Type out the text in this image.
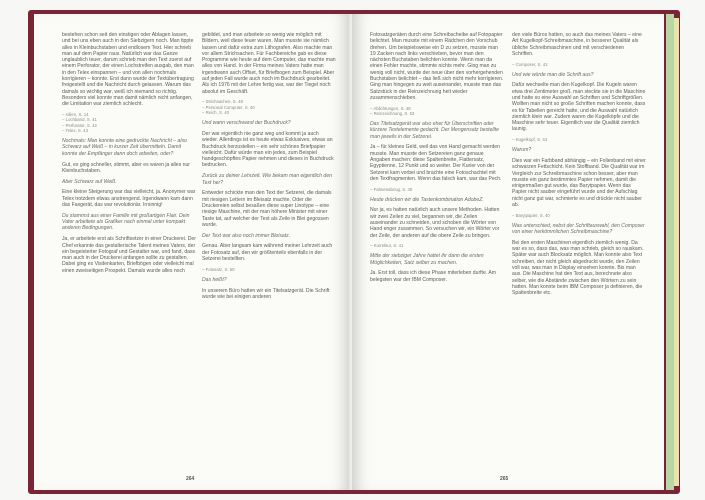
bestehen schon seit den einstigen oder Ablagen lassen, und bei uns eben auch in den Siebzigern noch. Man tippte alles in Kleinbuchstaben und endlosem Text. Hier schrieb man auf dem Papier raus. Natürlich war das Ganze unglaublich teuer, darum schrieb man den Text zuerst auf einem Perforator, der einen Lochstreifen ausgab, den man in den Telex einspannen – und von allen nochmals korrigieren – konnte. Erst dann wurde der Textübertragung freigestellt und die Nachricht durch gelassen. Warum das damals so wichtig war, weiß ich niemand so richtig. Besonders viel konnte man damit nämlich nicht anfangen, die Limitation war ziemlich schlecht.

– rollen, S. 14
– Lochband, S. 41
– Perforator, S. 42
– Telex, S. 43

Nochmals: Man konnte eine gedruckte Nachricht – also Schwarz auf Weiß – in kurzer Zeit übermitteln. Damit konnte der Empfänger dann doch arbeiten, oder?

Gut, es ging schneller, stimmt, aber es waren ja alles nur Kleinbuchstaben.

Aber Schwarz auf Weiß.

Eine kleine Steigerung war das vielleicht, ja. Anonymer war Telex trotzdem etwas anstrengend. Irgendwann kam dann das Faxgerät, das war revolutionär. Irrsinnig!

Du stammst aus einer Familie mit großartigen Flair. Dein Vater arbeitete als Grafiker nach einmal unter kompakt anderen Bedingungen.

Ja, er arbeitete erst als Schriftsetzer in einer Druckerei. Der Chef erkannte das gestalterische Talent meines Vaters, der ein begeisterter Fotograf und Gestalter war, und fand, dass man auch in der Druckerei anfangen sollte zu gestalten. Dabei ging es Visitenkarten, Briefbögen oder vielleicht mal einen zweiseitigen Prospekt. Damals wurde alles noch

gebildet, und man arbeitete so wenig wie möglich mit Bildern, weil diese teuer waren. Man musste sie nämlich lassen und dafür extra zum Lithografen. Also machte man vor allem Strichsachen. Für Fachbereiche gab es diese Programme wie heute auf dem Computer, das machte man alles von Hand. In der Firma meines Vaters hatte man irgendwann auch Offset, für Briefbogen zum Beispiel. Aber auf jeden Fall wurde auch noch im Buchdruck gearbeitet. Als ich 1976 mit der Lehre fertig war, war der Tiegel noch absolut im Geschäft.

– Strichsachen, S. 48
– Personal Computer, S. 40
– Reich, S. 40

Und wann verschwand der Buchdruck?

Der war eigentlich nie ganz weg und kommt ja auch wieder. Allerdings ist es heute etwas Exklusives, etwas an Buchdruck herzustellen – ein sehr schönes Briefpapier vielleicht. Dafür würde man ein jedes, zum Beispiel handgeschöpftes Papier nehmen und dieses in Buchdruck bedrucken.

Zurück zu deiner Lehrzeit. Wie bekam man eigentlich den Text her?

Entweder schickte man den Text der Setzerei, die damals mit riesigen Lettern im Bleisatz machte. Oder die Druckereien selbst besaßen diese super Linotype – eine riesige Maschine, mit der man höhere Minister mit einer Taste tat, auf welcher der Text als Zeile in Blei gegossen wurde.

Der Text war also noch immer Bleisatz.

Genau. Aber langsam kam während meiner Lehrzeit auch der Fotosatz auf, den wir größtenteils ebenfalls in der Setzerei bestellten.

– Fotosatz, S. 50

Das heißt?

In unserem Büro hatten wir ein Titelsatzgerät. Die Schrift wurde wie bei einigen anderen

264

Fotosatzgeräten durch eine Schreibscheibe auf Fotopapier belichtet. Man musste mit einem Rädchen den Vorschub drehen. Um beispielsweise ein D zu setzen, musste man 19 Zacken nach links verschieben, bevor man den nächsten Buchstaben belichten konnte. Wenn man da einen Fehler machte, stimmte nichts mehr. Ging man zu wenig voll nicht, wurde der neue über den vorhergehenden Buchstaben belichtet – das ließ sich nicht mehr korrigieren. Ging man hingegen zu weit auseinander, musste man das Satzstück in der Reinzeichnung heit wieder zusammenschieben.

– Ablichtungen, S. 48
– Reinzeichnung, S. 53

Das Titelsatzgerät war also eher für Überschriften oder kürzere Textelemente gedacht. Der Mengensatz bestellte man jeweils in der Setzerei.

Ja – für kleines Geld, weil das von Hand gemacht werden musste. Man musste den Setzereien ganz genaue Angaben machen: diese Spaltenbreite, Flattersatz, Egyptienne, 12 Punkt und so weiter. Der Kurier von der Setzerei kam vorbei und brachte eine Fotoschachtel mit den Textfragmenten. Wenn das falsch kam, war das Pech.

– Fahnenabzug, S. 40

Heute drücken wir die Tastenkombination AdobeZ.

Nur ja, es hatten natürlich auch unsere Methoden. Hatten wir zwei Zeilen zu viel, begannen wir, die Zeilen auseinander zu schneiden, und schoben die Wörter von Hand enger zusammen. So versuchen wir, ein Wörter vor der Zeile, der anderen auf die obere Zeile zu bringen.

– Korrektur, S. 41

Mitte der siebziger Jahre hattet ihr dann die ersten Möglichkeiten, Satz selber zu machen.

Ja. Erst toll, dass ich diese Phase miterleben durfte. Am belegsten war der IBM Composer.

den viele Büros hatten, so auch das meines Vaters – eine Art Kugelkopf-Schreibmaschine, in besserer Qualität als übliche Schreibmaschinen und mit verschiedenen Schriften.

– Composer, S. 42

Und wie würde man die Schrift aus?

Dafür wechselte man den Kugelkopf. Die Kugeln waren etwa drei Zentimeter groß, man steckte sie in die Maschine und hatte so eine Auswahl an Schriften und Schriftgrößen. Wollten man nicht so große Schriften machen konnte, dass es für Tabellen gereicht hatte, und die Auswahl natürlich ziemlich klein war. Zudem waren die Kugelköpfe und die Maschine sehr teuer. Eigentlich war die Qualität ziemlich launig.

– Kugelkopf, S. 44

Warum?

Dies war ein Farbband abhängig – ein Folienband mit einer schwarzen Fettschicht. Kein Stoffband. Die Qualität war im Vergleich zur Schreibmaschine schon besser, aber man musste ein ganz bestimmtes Papier nehmen, damit die einigermaßen gut wurde, das Barytpapier. Wenn das Papier nicht sauber eingeführt wurde und der Aufschlag nicht ganz gut war, schmierte es und drückte nicht sauber ab.

– Barytpapier, S. 40

Was unterschied, nebst der Schriftauswahl, den Composer von einer herkömmlichen Schreibmaschine?

Bei den ersten Maschinen eigentlich ziemlich wenig. Da war es so, dass das, was man schrieb, gleich so rauskam. Später war auch Blocksatz möglich. Man konnte also Text schreiben, der nicht gleich abgedruckt wurde, den Zeilen voll war, was man in Display einsehen konnte. Bis man aus. Die Maschine hat den Text aus, berechnete also selber, wie die Abstände zwischen den Wörtern zu sein hatten. Man konnte beim IBM Composer ja definieren, die Spaltenbreite etc.

265
